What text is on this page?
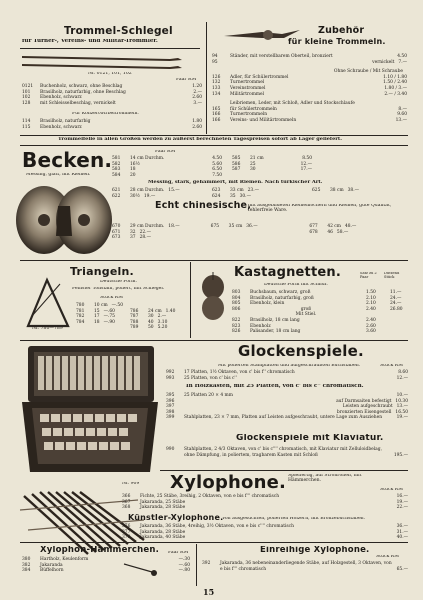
Trommel-Schlegel
für Turner-, Vereins- und Militär-Trommler.
Nr. 0121, 101, 102
Paar RM
0121	Buchenholz, schwarz, ohne Beschlag	1.20
101	Brasilholz, naturfarbig, ohne Beschlag	2.—
102	Ebenholz, schwarz	2.60
128	mit Schleisselbeschlag, vernickelt	3.—
Für Konzertwirbeltrommeln.
114	Brasilholz, naturfarbig	1.80
115	Ebenholz, schwarz	2.60
Zubehör
für kleine Trommeln.
94	Ständer, mit verstellbarem Oberteil, bronziert	4.50
95	vernickelt 7.—
Ohne Schraube / Mit Schraube
126	Adler, für Schülertrommel	1.10 / 1.80
132	Turnertrommel	1.50 / 2.40
133	Vereinstrommel	1.80 / 3.—
134	Militärtrommel	2.— / 3.40
Leibriemen, Leder, mit Schloß, Adler und Stockschlaufe
165	für Schülertrommeln	8.—
166	Turnertrommeln	9.60
166	Vereins- und Militärtrommeln	13.—
Trommelfelle in allen Größen werden zu äußerst berechneten Tagespreisen sofort ab Lager geliefert.
Becken.
Messing, glatt, mit Riemen.
Paar RM
581	14 cm Durchm.	4.50
582	16½	5.60
583	18	6.50
584	20	7.50
585	21 cm	8.50
586	25	12.—
587	30	17.—
Messing, stark, gehämmert, mit Riemen. Nach türkischer Art.
621	28 cm Durchm. 15.—	623	33 cm 23.—	625	38 cm 38.—
622	30½ 19.—	624	35 30.—
Echt chinesische,
mit ausgebildeten Riemenlöchern und Riemen, gute Qualität, fehlerfreie Ware.
670	29 cm Durchm. 18.—	675	35 cm 36.—	677	42 cm 48.—
671	32 22.—	678	46 58.—
673	37 28.—
Triangeln.
Deutsche Form.
Feinster Tonstahl, poliert, mit Schlegel.
Nr. 780—789
Stück RM
780	10 cm —.50
781	15 —.60	786	24 cm 1.40
782	17 —.75	787	30 2.—
784	18 —.90	788	40 3.10
789	50 5.20
Kastagnetten.
Deutsche Form mit Schnur.
Satz zu 2 Paar
Dutzend Stück
803	Buchsbaum, schwarz, groß	1.50	11.—
804	Brasilholz, naturfarbig, groß	2.10	24.—
805	Ebenholz, klein	2.10	24.—
806	groß	2.40	26.80
Mit Stiel.
822	Brasilholz, 18 cm lang	2.40
823	Ebenholz	2.60
826	Palisander, 18 cm lang	3.60
Nr. 909
Glockenspiele.
Mit polierten Stahlplatten und aufgeschraubten Buchstaben.	Stück RM
992	17 Platten, 1½ Oktaven, von c' bis f'' chromatisch	8.60
993	25 Platten, von c' bis c''	12.—
In Holzkästen, mit 25 Platten, von c' bis c'' chromatisch.
395	25 Platten 20 × 4 mm	10.—
396	auf Darmsaiten befestigt 10.30
397	Leisten aufgeschraubt 13.—
398	bronzierten Eisengestell 16.50
399	Stahlplatten, 23 × 7 mm, Platten auf Leisten aufgeschraubt, untere Lage zum Ausziehen	19.—
Glockenspiele mit Klaviatur.
990	Stahlplatten, 2 4/3 Oktaven, von c' bis c'''' chromatisch, mit Klaviatur mit Zelluloidbelag, ohne Dämpfung, in poliertem, tragbarem Kasten mit Schloß	195.—
Xylophone. Spielfertig, auf Strohrollen, mit Hämmerchen.
Stück RM
366	Fichte, 25 Stäbe, 3reihig, 2 Oktaven, von e bis f''' chromatisch	16.—
367	Jakaranda, 25 Stäbe	19.—
368	Jakaranda, 28 Stäbe	22.—
Künstler-Xylophone.
Von ausgesuchten, polierten Hölzern, mit Bronzebuchstaben.
376	Jakaranda, 36 Stäbe, 4reihig, 3½ Oktaven, von e bis c'''' chromatisch	36.—
377	Jakaranda, 28 Stäbe	31.—
379	Jakaranda, 40 Stäbe	40.—
Xylophon-Hämmerchen. Paar RM
380	Hartholz, Keulenform	—.30
382	Jakaranda	—.60
384	Büffelhorn	—.80
Einreihige Xylophone.
Stück RM
392	Jakaranda, 36 nebeneinanderliegende Stäbe, auf Holzgestell, 3 Oktaven, von e bis f''' chromatisch	65.—
15
